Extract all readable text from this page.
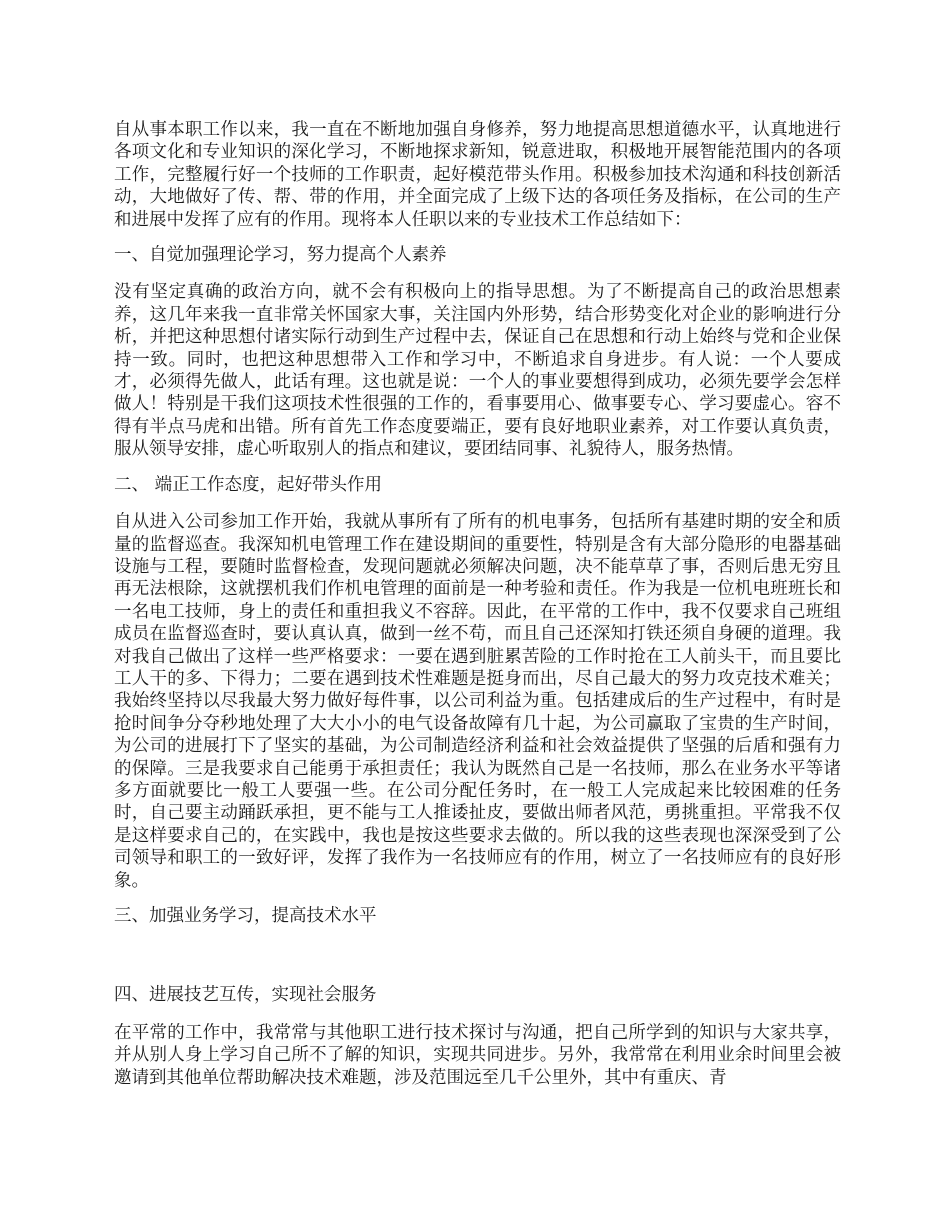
自从事本职工作以来，我一直在不断地加强自身修养，努力地提高思想道德水平，认真地进行各项文化和专业知识的深化学习，不断地探求新知，锐意进取，积极地开展智能范围内的各项工作，完整履行好一个技师的工作职责，起好模范带头作用。积极参加技术沟通和科技创新活动，大地做好了传、帮、带的作用，并全面完成了上级下达的各项任务及指标，在公司的生产和进展中发挥了应有的作用。现将本人任职以来的专业技术工作总结如下：

一、自觉加强理论学习，努力提高个人素养

没有坚定真确的政治方向，就不会有积极向上的指导思想。为了不断提高自己的政治思想素养，这几年来我一直非常关怀国家大事，关注国内外形势，结合形势变化对企业的影响进行分析，并把这种思想付诸实际行动到生产过程中去，保证自己在思想和行动上始终与党和企业保持一致。同时，也把这种思想带入工作和学习中，不断追求自身进步。有人说：一个人要成才，必须得先做人，此话有理。这也就是说：一个人的事业要想得到成功，必须先要学会怎样做人！特别是干我们这项技术性很强的工作的，看事要用心、做事要专心、学习要虚心。容不得有半点马虎和出错。所有首先工作态度要端正，要有良好地职业素养，对工作要认真负责，服从领导安排，虚心听取别人的指点和建议，要团结同事、礼貌待人，服务热情。

二、 端正工作态度，起好带头作用

自从进入公司参加工作开始，我就从事所有了所有的机电事务，包括所有基建时期的安全和质量的监督巡查。我深知机电管理工作在建设期间的重要性，特别是含有大部分隐形的电器基础设施与工程，要随时监督检查，发现问题就必须解决问题，决不能草草了事，否则后患无穷且再无法根除，这就摆机我们作机电管理的面前是一种考验和责任。作为我是一位机电班班长和一名电工技师，身上的责任和重担我义不容辞。因此，在平常的工作中，我不仅要求自己班组成员在监督巡查时，要认真认真，做到一丝不苟，而且自己还深知打铁还须自身硬的道理。我对我自己做出了这样一些严格要求：一要在遇到脏累苦险的工作时抢在工人前头干，而且要比工人干的多、下得力；二要在遇到技术性难题是挺身而出，尽自己最大的努力攻克技术难关；我始终坚持以尽我最大努力做好每件事，以公司利益为重。包括建成后的生产过程中，有时是抢时间争分夺秒地处理了大大小小的电气设备故障有几十起，为公司赢取了宝贵的生产时间，为公司的进展打下了坚实的基础，为公司制造经济利益和社会效益提供了坚强的后盾和强有力的保障。三是我要求自己能勇于承担责任；我认为既然自己是一名技师，那么在业务水平等诸多方面就要比一般工人要强一些。在公司分配任务时，在一般工人完成起来比较困难的任务时，自己要主动踊跃承担，更不能与工人推诿扯皮，要做出师者风范，勇挑重担。平常我不仅是这样要求自己的，在实践中，我也是按这些要求去做的。所以我的这些表现也深深受到了公司领导和职工的一致好评，发挥了我作为一名技师应有的作用，树立了一名技师应有的良好形象。

三、加强业务学习，提高技术水平

四、进展技艺互传，实现社会服务

在平常的工作中，我常常与其他职工进行技术探讨与沟通，把自己所学到的知识与大家共享，并从别人身上学习自己所不了解的知识，实现共同进步。另外，我常常在利用业余时间里会被邀请到其他单位帮助解决技术难题，涉及范围远至几千公里外，其中有重庆、青
